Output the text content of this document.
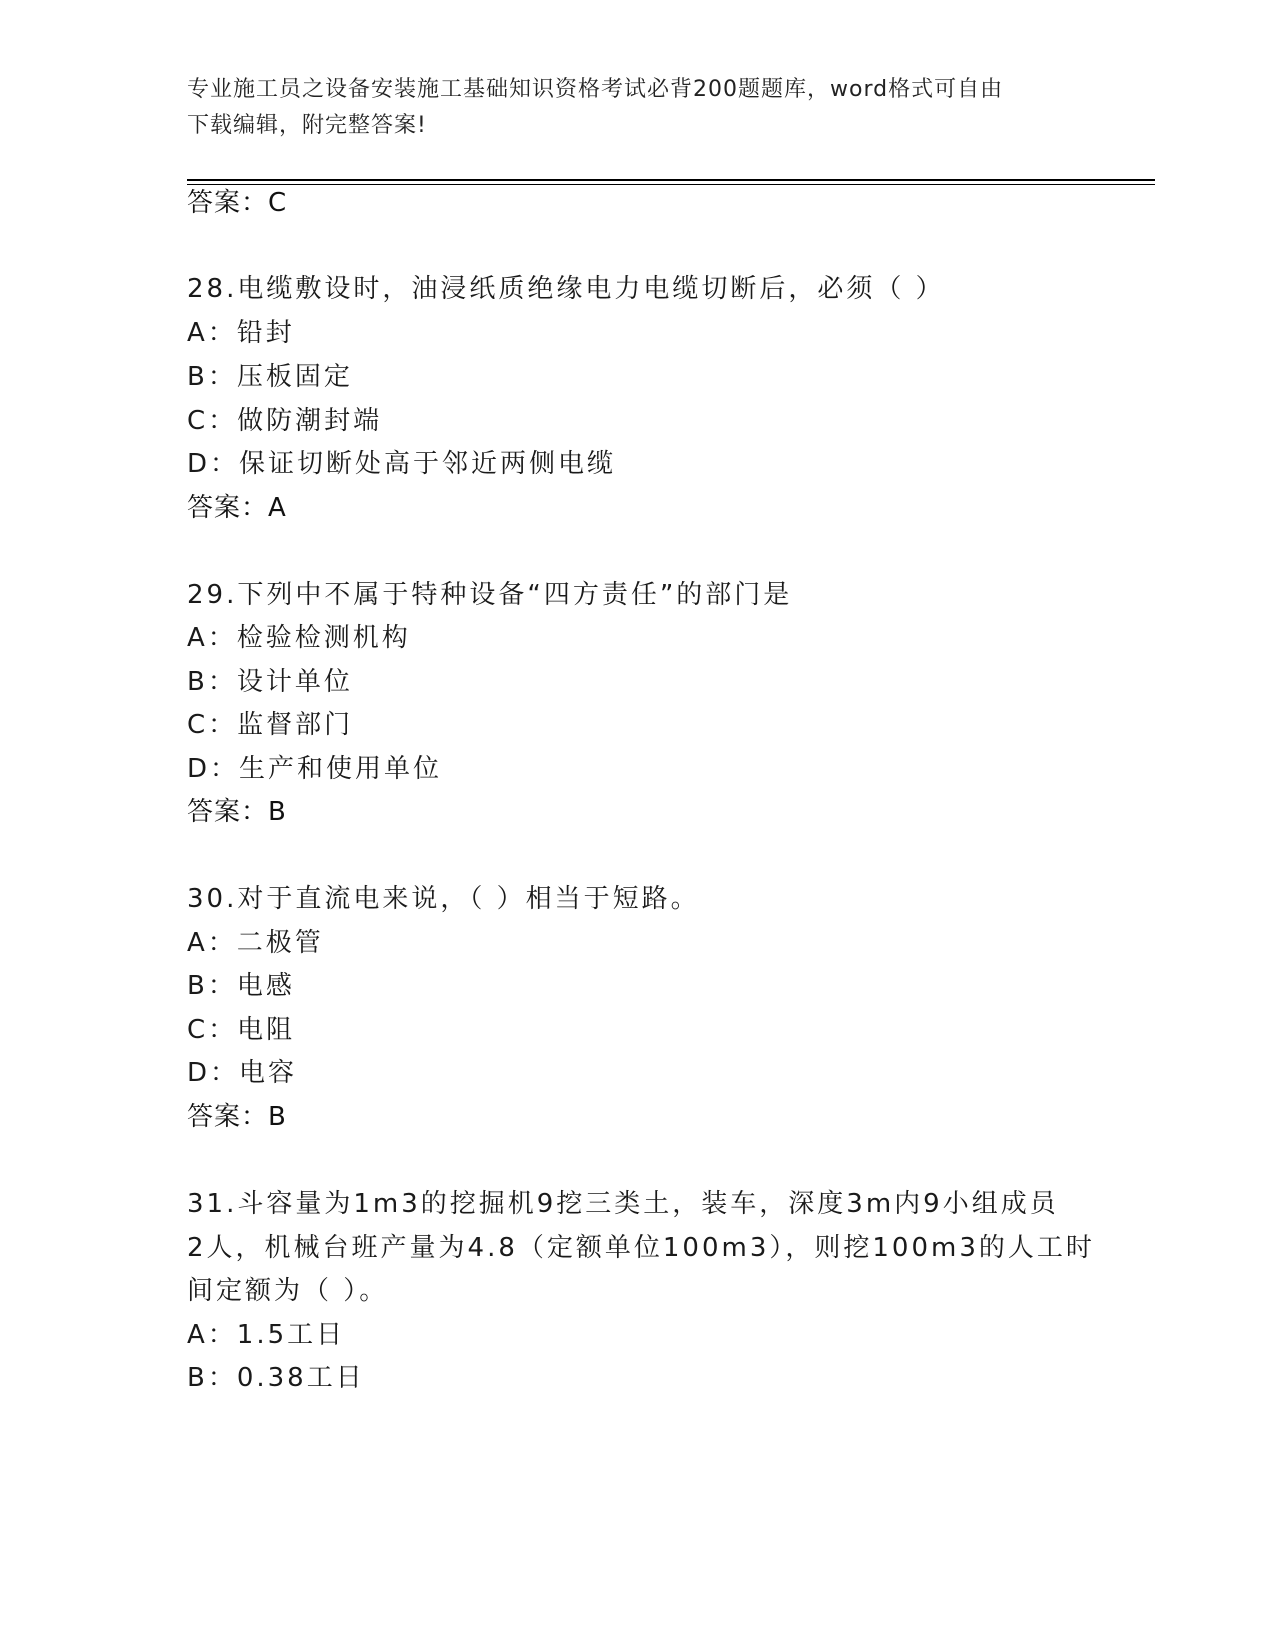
专业施工员之设备安装施工基础知识资格考试必背200题题库，word格式可自由
下载编辑，附完整答案!
答案：C
28.电缆敷设时，油浸纸质绝缘电力电缆切断后，必须（ ）
A：铅封
B：压板固定
C：做防潮封端
D：保证切断处高于邻近两侧电缆
答案：A
29.下列中不属于特种设备“四方责任”的部门是
A：检验检测机构
B：设计单位
C：监督部门
D：生产和使用单位
答案：B
30.对于直流电来说，（ ）相当于短路。
A：二极管
B：电感
C：电阻
D：电容
答案：B
31.斗容量为1m3的挖掘机9挖三类土，装车，深度3m内9小组成员
2人，机械台班产量为4.8（定额单位100m3），则挖100m3的人工时
间定额为（ ）。
A：1.5工日
B：0.38工日
